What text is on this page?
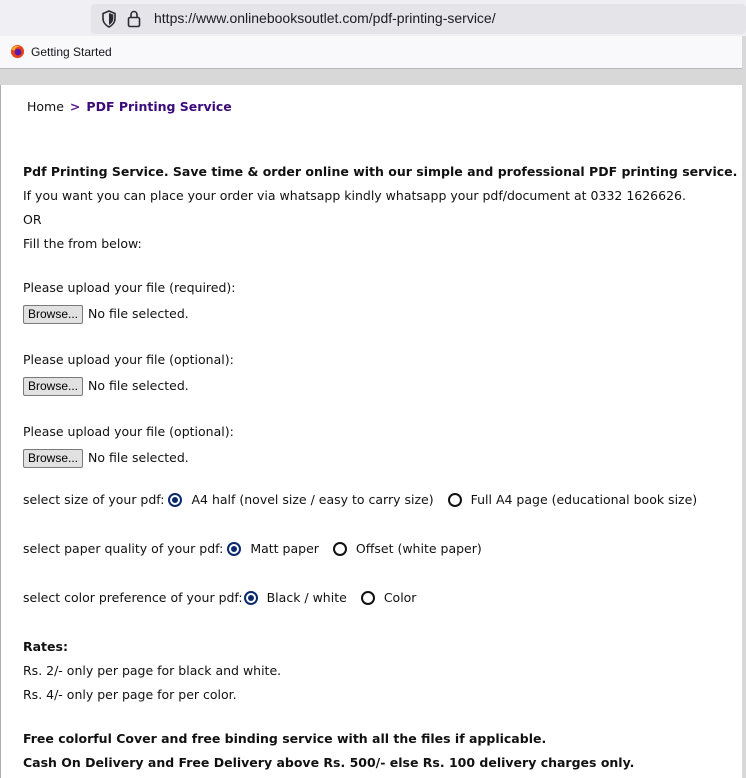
https://www.onlinebooksoutlet.com/pdf-printing-service/
Getting Started
Home > PDF Printing Service
Pdf Printing Service. Save time & order online with our simple and professional PDF printing service.
If you want you can place your order via whatsapp kindly whatsapp your pdf/document at 0332 1626626.
OR
Fill the from below:
Please upload your file (required):
Browse... No file selected.
Please upload your file (optional):
Browse... No file selected.
Please upload your file (optional):
Browse... No file selected.
select size of your pdf: A4 half (novel size / easy to carry size)	Full A4 page (educational book size)
select paper quality of your pdf: Matt paper	Offset (white paper)
select color preference of your pdf: Black / white	Color
Rates:
Rs. 2/- only per page for black and white.
Rs. 4/- only per page for per color.
Free colorful Cover and free binding service with all the files if applicable.
Cash On Delivery and Free Delivery above Rs. 500/- else Rs. 100 delivery charges only.
